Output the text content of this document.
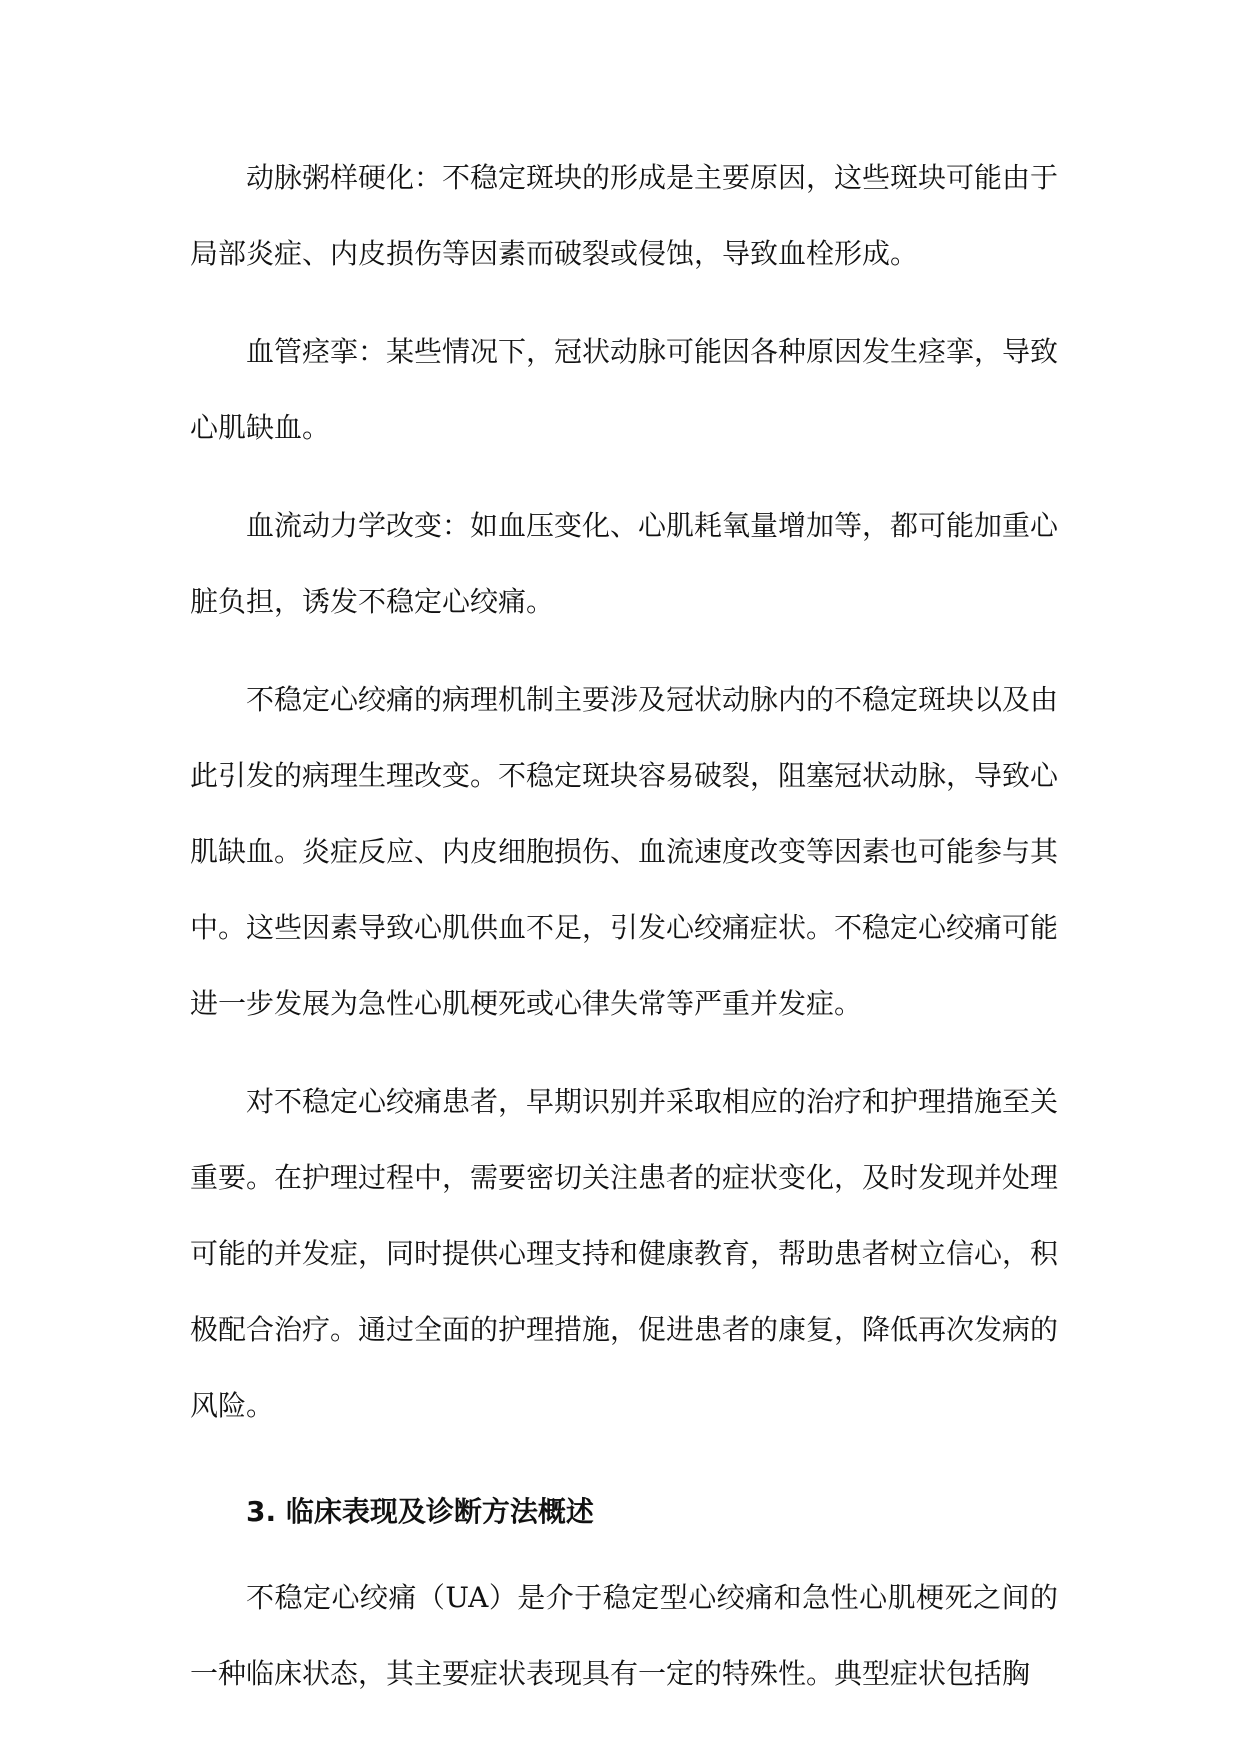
动脉粥样硬化：不稳定斑块的形成是主要原因，这些斑块可能由于局部炎症、内皮损伤等因素而破裂或侵蚀，导致血栓形成。

血管痉挛：某些情况下，冠状动脉可能因各种原因发生痉挛，导致心肌缺血。

血流动力学改变：如血压变化、心肌耗氧量增加等，都可能加重心脏负担，诱发不稳定心绞痛。

不稳定心绞痛的病理机制主要涉及冠状动脉内的不稳定斑块以及由此引发的病理生理改变。不稳定斑块容易破裂，阻塞冠状动脉，导致心肌缺血。炎症反应、内皮细胞损伤、血流速度改变等因素也可能参与其中。这些因素导致心肌供血不足，引发心绞痛症状。不稳定心绞痛可能进一步发展为急性心肌梗死或心律失常等严重并发症。

对不稳定心绞痛患者，早期识别并采取相应的治疗和护理措施至关重要。在护理过程中，需要密切关注患者的症状变化，及时发现并处理可能的并发症，同时提供心理支持和健康教育，帮助患者树立信心，积极配合治疗。通过全面的护理措施，促进患者的康复，降低再次发病的风险。

3. 临床表现及诊断方法概述

不稳定心绞痛（UA）是介于稳定型心绞痛和急性心肌梗死之间的一种临床状态，其主要症状表现具有一定的特殊性。典型症状包括胸
